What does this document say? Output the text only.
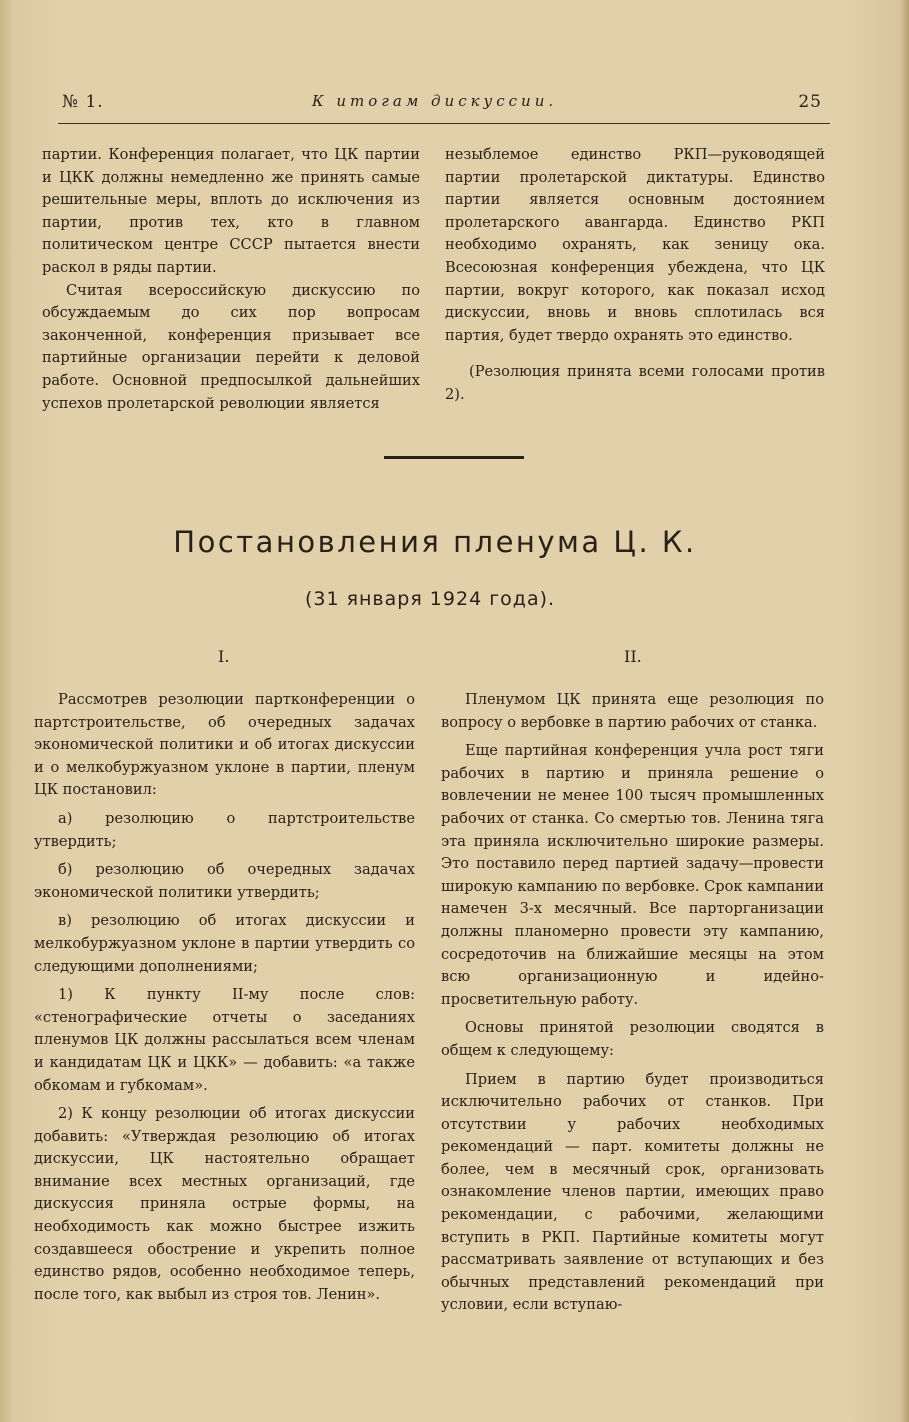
№ 1.	К итогам дискуссии.	25

партии. Конференция полагает, что ЦК партии и ЦКК должны немедленно же принять самые решительные меры, вплоть до исключения из партии, против тех, кто в главном политическом центре СССР пытается внести раскол в ряды партии.

Считая всероссийскую дискуссию по обсуждаемым до сих пор вопросам законченной, конференция призывает все партийные организации перейти к деловой работе. Основной предпосылкой дальнейших успехов пролетарской революции является

незыблемое единство РКП—руководящей партии пролетарской диктатуры. Единство партии является основным достоянием пролетарского авангарда. Единство РКП необходимо охранять, как зеницу ока. Всесоюзная конференция убеждена, что ЦК партии, вокруг которого, как показал исход дискуссии, вновь и вновь сплотилась вся партия, будет твердо охранять это единство.

(Резолюция принята всеми голосами против 2).

Постановления пленума Ц. К.
(31 января 1924 года).
I.	II.

Рассмотрев резолюции партконференции о партстроительстве, об очередных задачах экономической политики и об итогах дискуссии и о мелкобуржуазном уклоне в партии, пленум ЦК постановил:

а) резолюцию о партстроительстве утвердить;

б) резолюцию об очередных задачах экономической политики утвердить;

в) резолюцию об итогах дискуссии и мелкобуржуазном уклоне в партии утвердить со следующими дополнениями;

1) К пункту II-му после слов: «стенографические отчеты о заседаниях пленумов ЦК должны рассылаться всем членам и кандидатам ЦК и ЦКК» — добавить: «а также обкомам и губкомам».

2) К концу резолюции об итогах дискуссии добавить: «Утверждая резолюцию об итогах дискуссии, ЦК настоятельно обращает внимание всех местных организаций, где дискуссия приняла острые формы, на необходимость как можно быстрее изжить создавшееся обострение и укрепить полное единство рядов, особенно необходимое теперь, после того, как выбыл из строя тов. Ленин».

Пленумом ЦК принята еще резолюция по вопросу о вербовке в партию рабочих от станка.

Еще партийная конференция учла рост тяги рабочих в партию и приняла решение о вовлечении не менее 100 тысяч промышленных рабочих от станка. Со смертью тов. Ленина тяга эта приняла исключительно широкие размеры. Это поставило перед партией задачу—провести широкую кампанию по вербовке. Срок кампании намечен 3-х месячный. Все парторганизации должны планомерно провести эту кампанию, сосредоточив на ближайшие месяцы на этом всю организационную и идейно-просветительную работу.

Основы принятой резолюции сводятся в общем к следующему:

Прием в партию будет производиться исключительно рабочих от станков. При отсутствии у рабочих необходимых рекомендаций — парт. комитеты должны не более, чем в месячный срок, организовать ознакомление членов партии, имеющих право рекомендации, с рабочими, желающими вступить в РКП. Партийные комитеты могут рассматривать заявление от вступающих и без обычных представлений рекомендаций при условии, если вступаю-
